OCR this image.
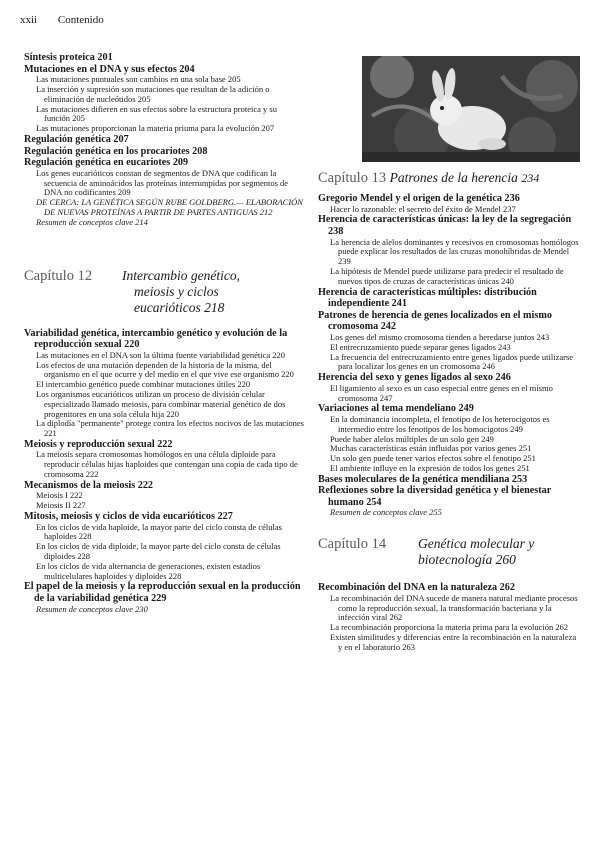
xxii Contenido

Síntesis proteica 201

Mutaciones en el DNA y sus efectos 204

Las mutaciones puntuales son cambios en una sola base 205

La inserción y supresión son mutaciones que resultan de la adición o eliminación de nucleótidos 205

Las mutaciones difieren en sus efectos sobre la estructura proteica y su función 205

Las mutaciones proporcionan la materia priuma para la evolución 207

Regulación genética 207

Regulación genética en los procariotes 208

Regulación genética en eucariotes 209

Los genes eucarióticos constan de segmentos de DNA que codifican la secuencia de aminoácidos las proteínas interrumpidas por segmentos de DNA no codificantes 209

DE CERCA: LA GENÉTICA SEGÚN RUBE GOLDBERG.— ELABORACIÓN DE NUEVAS PROTEÍNAS A PARTIR DE PARTES ANTIGUAS 212

Resumen de conceptos clave 214

Capítulo 12 Intercambio genético,
meiosis y ciclos
eucarióticos 218

Variabilidad genética, intercambio genético y evolución de la reproducción sexual 220

Las mutaciones en el DNA son la última fuente variabilidad genética 220

Los efectos de una mutación dependen de la historia de la misma, del organismo en el que ocurre y del medio en el que vive ese organismo 220

El intercambio genético puede combinar mutaciones útiles 220

Los organismos eucarióticos utilizan un proceso de división celular especializado llamado meiosis, para combinar material genético de dos progenitores en una sola célula hija 220

La diplodía "permanente" protege contra los efectos nocivos de las mutaciones 221

Meiosis y reproducción sexual 222

La meiosis separa cromosomas homólogos en una célula diploide para reproducir células hijas haploides que contengan una copia de cada tipo de cromosoma 222

Mecanismos de la meiosis 222

Meiosis I 222

Meiosis II 227

Mitosis, meiosis y ciclos de vida eucarióticos 227

En los ciclos de vida haploide, la mayor parte del ciclo consta de células haploides 228

En los ciclos de vida diploide, la mayor parte del ciclo consta de células diploides 228

En los ciclos de vida alternancia de generaciones, existen estadios multicelulares haploides y diploides 228

El papel de la meiosis y la reproducción sexual en la producción de la variabilidad genética 229

Resumen de conceptos clave 230

Capítulo 13 Patrones de la herencia 234

Gregorio Mendel y el origen de la genética 236

Hacer lo razonable: el secreto del éxito de Mendel 237

Herencia de características únicas: la ley de la segregación 238

La herencia de alelos dominantes y recesivos en cromosomas homólogos puede explicar los resultados de las cruzas monohíbridas de Mendel 239

La hipótesis de Mendel puede utilizarse para predecir el resultado de nuevos tipos de cruzas de características únicas 240

Herencia de características múltiples: distribución independiente 241

Patrones de herencia de genes localizados en el mismo cromosoma 242

Los genes del mismo cromosoma tienden a heredarse juntos 243

El entrecruzamiento puede separar genes ligados 243

La frecuencia del entrecruzamiento entre genes ligados puede utilizarse para localizar los genes en un cromosoma 246

Herencia del sexo y genes ligados al sexo 246

El ligamiento al sexo es un caso especial entre genes en el mismo cromosoma 247

Variaciones al tema mendeliano 249

En la dominancia incompleta, el fenotipo de los heterocigotos es intermedio entre los fenotipos de los homocigotos 249

Puede haber alelos múltiples de un solo gen 249

Muchas características están influidas por varios genes 251

Un solo gen puede tener varios efectos sobre el fenotipo 251

El ambiente influye en la expresión de todos los genes 251

Bases moleculares de la genética mendiliana 253

Reflexiones sobre la diversidad genética y el bienestar humano 254

Resumen de conceptos clave 255

Capítulo 14 Genética molecular y
biotecnología 260

Recombinación del DNA en la naturaleza 262

La recombinación del DNA sucede de manera natural mediante procesos como la reproducción sexual, la transformación bacteriana y la infección viral 262

La recombinación proporciona la materia prima para la evolución 262

Existen similitudes y diferencias entre la recombinación en la naturaleza y en el laboratorio 263
